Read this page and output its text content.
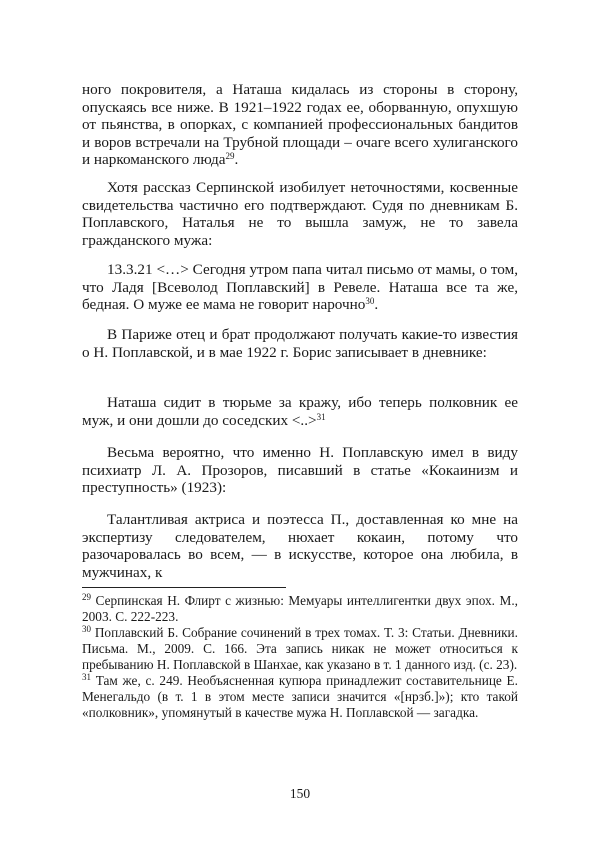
ного покровителя, а Наташа кидалась из стороны в сторону, опускаясь все ниже. В 1921–1922 годах ее, оборванную, опухшую от пьянства, в опорках, с компанией профессиональных бандитов и воров встречали на Трубной площади – очаге всего хулиганского и наркоманского люда$^{29}$.
Хотя рассказ Серпинской изобилует неточностями, косвенные свидетельства частично его подтверждают. Судя по дневникам Б. Поплавского, Наталья не то вышла замуж, не то завела гражданского мужа:
13.3.21 <…> Сегодня утром папа читал письмо от мамы, о том, что Ладя [Всеволод Поплавский] в Ревеле. Наташа все та же, бедная. О муже ее мама не говорит нарочно$^{30}$.
В Париже отец и брат продолжают получать какие-то известия о Н. Поплавской, и в мае 1922 г. Борис записывает в дневнике:
Наташа сидит в тюрьме за кражу, ибо теперь полковник ее муж, и они дошли до соседских <..>$^{31}$
Весьма вероятно, что именно Н. Поплавскую имел в виду психиатр Л. А. Прозоров, писавший в статье «Кокаинизм и преступность» (1923):
Талантливая актриса и поэтесса П., доставленная ко мне на экспертизу следователем, нюхает кокаин, потому что разочаровалась во всем, — в искусстве, которое она любила, в мужчинах, к
$^{29}$ Серпинская Н. Флирт с жизнью: Мемуары интеллигентки двух эпох. М., 2003. С. 222-223.
$^{30}$ Поплавский Б. Собрание сочинений в трех томах. Т. 3: Статьи. Дневники. Письма. М., 2009. С. 166. Эта запись никак не может относиться к пребыванию Н. Поплавской в Шанхае, как указано в т. 1 данного изд. (с. 23).
$^{31}$ Там же, с. 249. Необъясненная купюра принадлежит составительнице Е. Менегальдо (в т. 1 в этом месте записи значится «[нрзб.]»); кто такой «полковник», упомянутый в качестве мужа Н. Поплавской — загадка.
150
